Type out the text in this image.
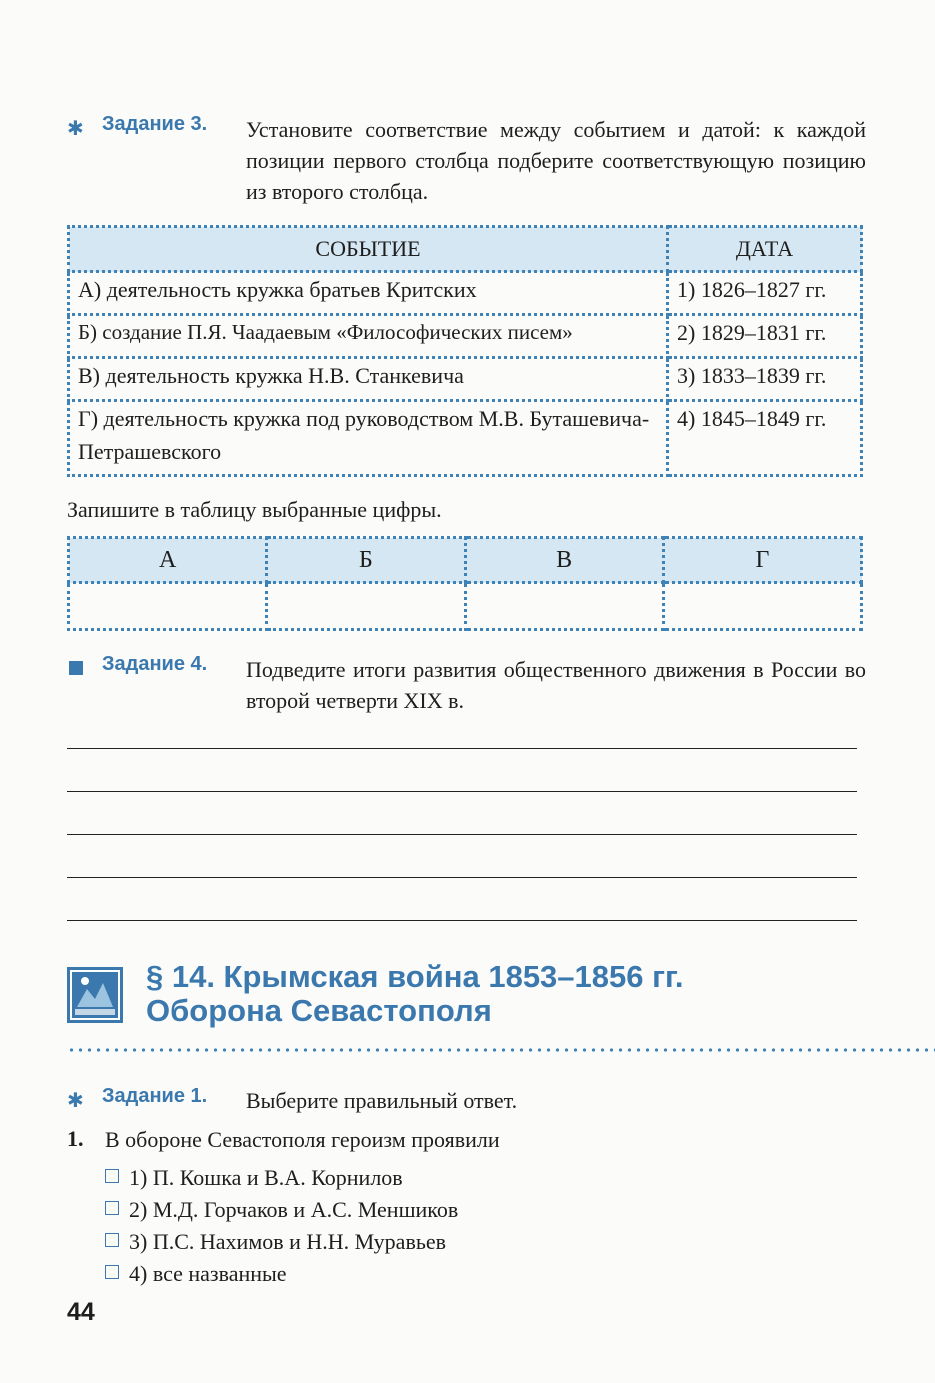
✱ Задание 3. Установите соответствие между событием и датой: к каждой позиции первого столбца подберите соответствующую позицию из второго столбца.
СОБЫТИЕ	ДАТА
А) деятельность кружка братьев Критских	1) 1826–1827 гг.
Б) создание П.Я. Чаадаевым «Философических писем»	2) 1829–1831 гг.
В) деятельность кружка Н.В. Станкевича	3) 1833–1839 гг.
Г) деятельность кружка под руководством М.В. Буташевича-Петрашевского	4) 1845–1849 гг.
Запишите в таблицу выбранные цифры.
А	Б	В	Г

Задание 4. Подведите итоги развития общественного движения в России во второй четверти XIX в.
§ 14. Крымская война 1853–1856 гг.
Оборона Севастополя
✱ Задание 1. Выберите правильный ответ.
1. В обороне Севастополя героизм проявили
1) П. Кошка и В.А. Корнилов
2) М.Д. Горчаков и А.С. Меншиков
3) П.С. Нахимов и Н.Н. Муравьев
4) все названные
44
